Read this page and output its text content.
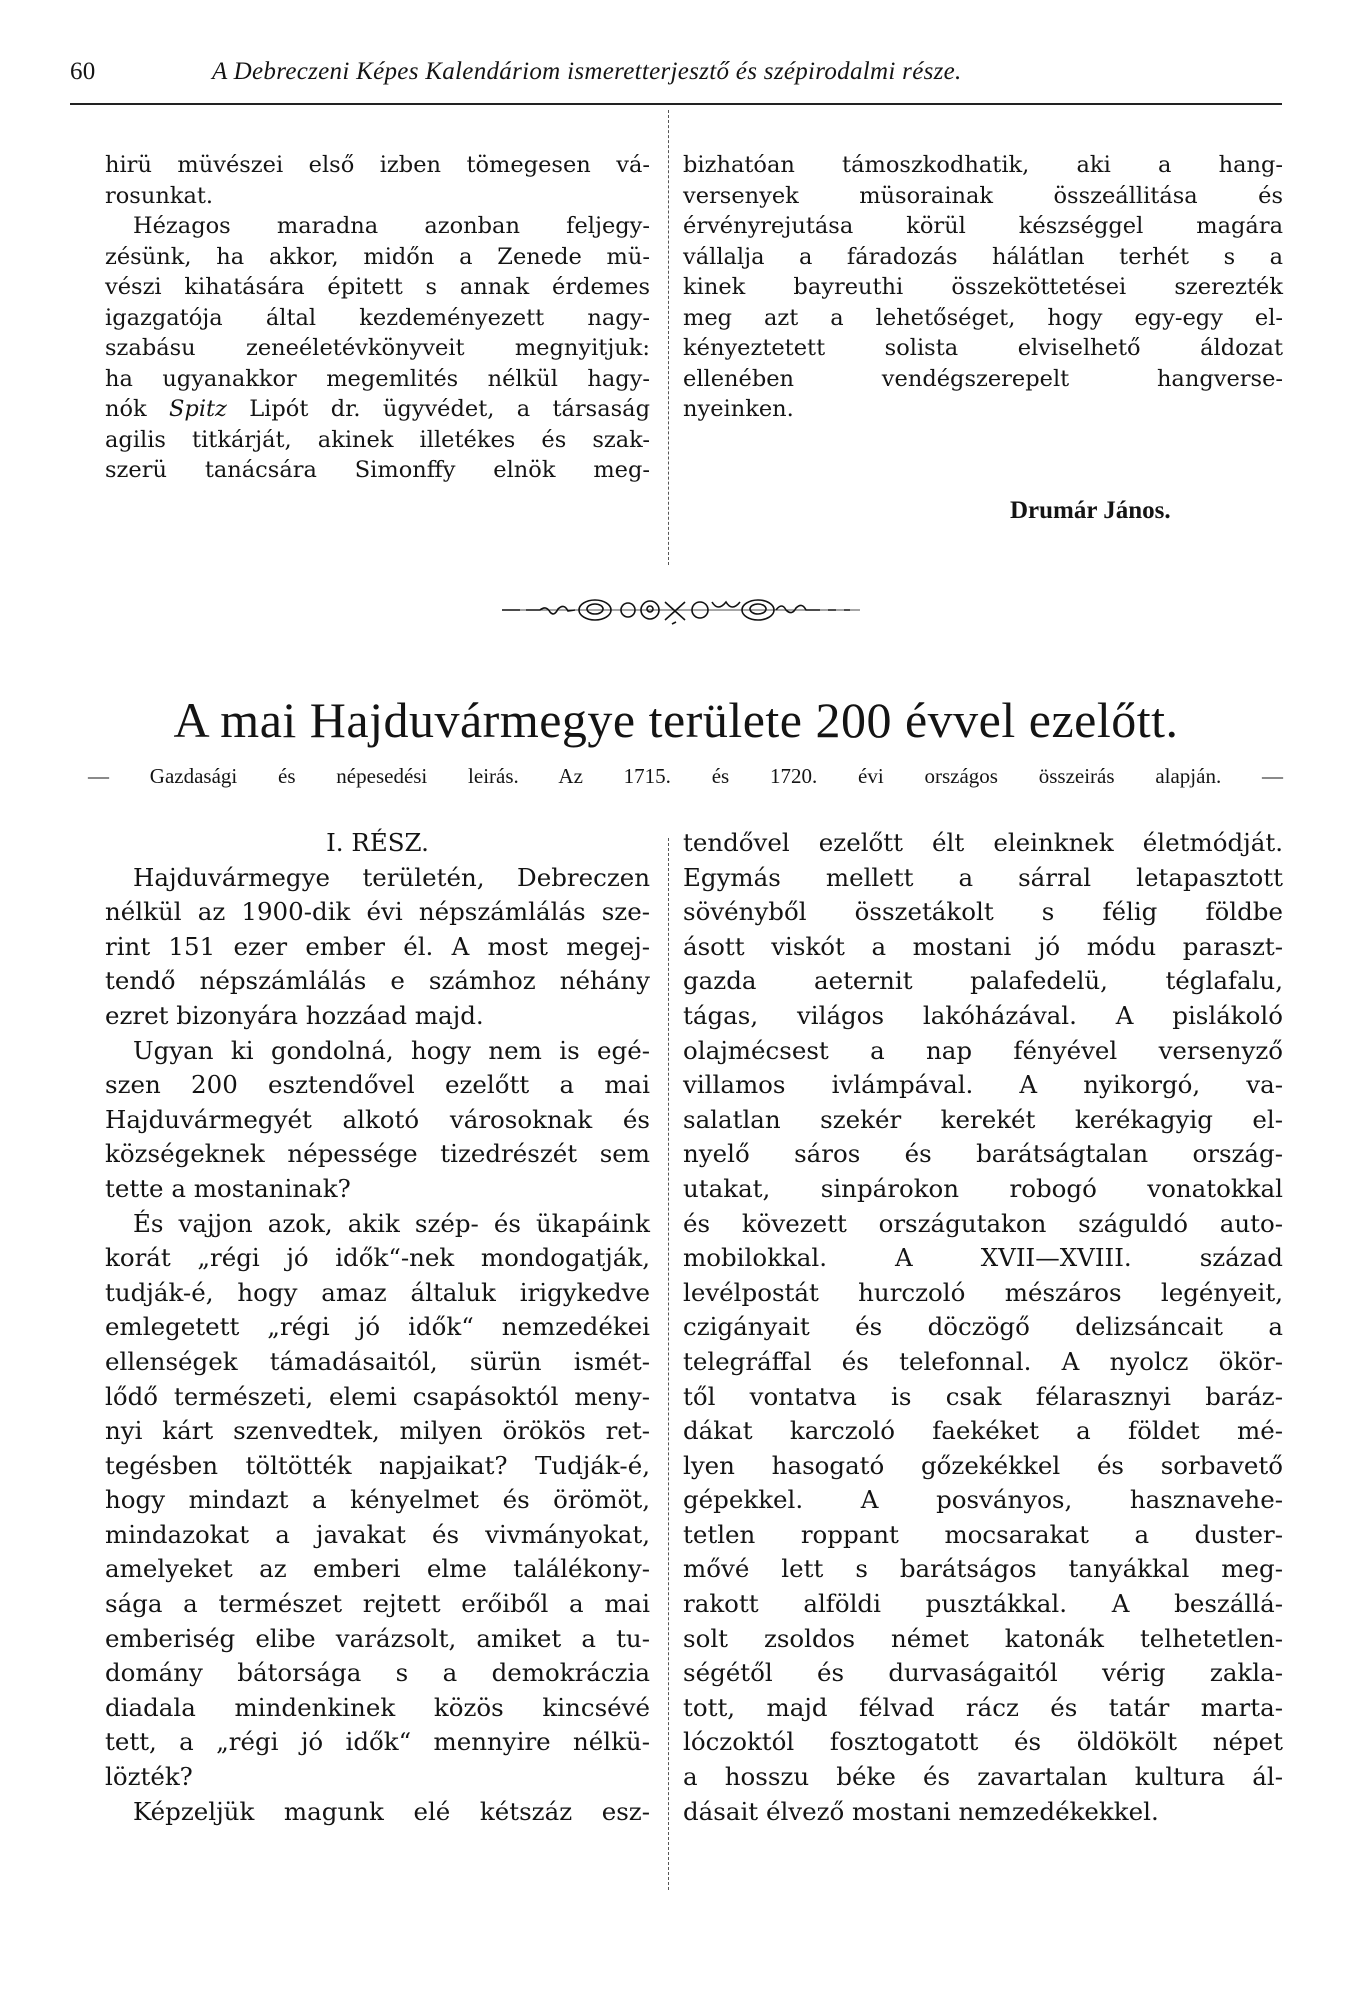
60	A Debreczeni Képes Kalendáriom ismeretterjesztő és szépirodalmi része.
hirü müvészei első izben tömegesen vá-
rosunkat.
Hézagos maradna azonban feljegy-
zésünk, ha akkor, midőn a Zenede mü-
vészi kihatására épitett s annak érdemes
igazgatója által kezdeményezett nagy-
szabásu zeneéletévkönyveit megnyitjuk:
ha ugyanakkor megemlités nélkül hagy-
nók Spitz Lipót dr. ügyvédet, a társaság
agilis titkárját, akinek illetékes és szak-
szerü tanácsára Simonffy elnök meg-
bizhatóan támoszkodhatik, aki a hang-
versenyek müsorainak összeállitása és
érvényrejutása körül készséggel magára
vállalja a fáradozás hálátlan terhét s a
kinek bayreuthi összeköttetései szerezték
meg azt a lehetőséget, hogy egy-egy el-
kényeztetett solista elviselhető áldozat
ellenében vendégszerepelt hangverse-
nyeinken.
Drumár János.
A mai Hajduvármegye területe 200 évvel ezelőtt.
— Gazdasági és népesedési leirás. Az 1715. és 1720. évi országos összeirás alapján. —
I. RÉSZ.
Hajduvármegye területén, Debreczen
nélkül az 1900-dik évi népszámlálás sze-
rint 151 ezer ember él. A most megej-
tendő népszámlálás e számhoz néhány
ezret bizonyára hozzáad majd.
Ugyan ki gondolná, hogy nem is egé-
szen 200 esztendővel ezelőtt a mai
Hajduvármegyét alkotó városoknak és
községeknek népessége tizedrészét sem
tette a mostaninak?
És vajjon azok, akik szép- és ükapáink
korát „régi jó idők“-nek mondogatják,
tudják-é, hogy amaz általuk irigykedve
emlegetett „régi jó idők“ nemzedékei
ellenségek támadásaitól, sürün ismét-
lődő természeti, elemi csapásoktól meny-
nyi kárt szenvedtek, milyen örökös ret-
tegésben töltötték napjaikat? Tudják-é,
hogy mindazt a kényelmet és örömöt,
mindazokat a javakat és vivmányokat,
amelyeket az emberi elme találékony-
sága a természet rejtett erőiből a mai
emberiség elibe varázsolt, amiket a tu-
domány bátorsága s a demokráczia
diadala mindenkinek közös kincsévé
tett, a „régi jó idők“ mennyire nélkü-
lözték?
Képzeljük magunk elé kétszáz esz-
tendővel ezelőtt élt eleinknek életmódját.
Egymás mellett a sárral letapasztott
sövényből összetákolt s félig földbe
ásott viskót a mostani jó módu paraszt-
gazda aeternit palafedelü, téglafalu,
tágas, világos lakóházával. A pislákoló
olajmécsest a nap fényével versenyző
villamos ivlámpával. A nyikorgó, va-
salatlan szekér kerekét kerékagyig el-
nyelő sáros és barátságtalan ország-
utakat, sinpárokon robogó vonatokkal
és kövezett országutakon száguldó auto-
mobilokkal. A XVII—XVIII. század
levélpostát hurczoló mészáros legényeit,
czigányait és döczögő delizsáncait a
telegráffal és telefonnal. A nyolcz ökör-
től vontatva is csak félarasznyi baráz-
dákat karczoló faekéket a földet mé-
lyen hasogató gőzekékkel és sorbavető
gépekkel. A posványos, hasznavehe-
tetlen roppant mocsarakat a duster-
mővé lett s barátságos tanyákkal meg-
rakott alföldi pusztákkal. A beszállá-
solt zsoldos német katonák telhetetlen-
ségétől és durvaságaitól vérig zakla-
tott, majd félvad rácz és tatár marta-
lóczoktól fosztogatott és öldökölt népet
a hosszu béke és zavartalan kultura ál-
dásait élvező mostani nemzedékekkel.
